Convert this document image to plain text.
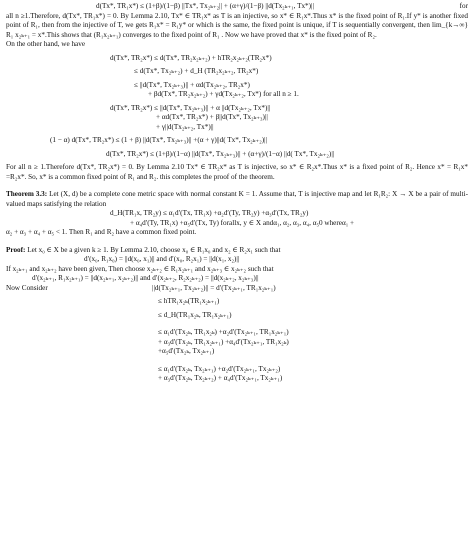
d(Tx*, TR₁x*) ≤ (1+β)/(1−β) ||Tx*, Tx₂ₖ₊₂|| + (α+γ)/(1−β) ||d(Tx₂ₖ₊₁, Tx*)||	for

all n ≥1.Therefore, d(Tx*, TR₁x*) = 0. By Lemma 2.10, Tx* ∈ TR₁x* as T is an injective, so x* ∈ R₁x*.Thus x* is the fixed point of R₁.If y* is another fixed point of R₁, then from the injective of T, we gets R₁x* = R₁y* or which is the same, the fixed point is unique, if T is sequentially convergent, then lim_{k→∞} R₁ x₂ₖ₊₁ = x*.This shows that (R₁x₂ₖ₊₁) converges to the fixed point of R₁ . Now we have proved that x* is the fixed point of R₂.

On the other hand, we have

d(Tx*, TR₂x*) ≤ d(Tx*, TR₂x₂ₖ₊₂) + hTR₂x₂ₖ₊₂(TR₂x*)
≤ d(Tx*, Tx₂ₖ₊₂) + d_H (TR₂x₂ₖ₊₂, TR₂x*)
≤ ||d(Tx*, Tx₂ₖ₊₃)|| + αd(Tx₂ₖ₊₂, TR₂x*)
+ βd(Tx*, TR₂x₂ₖ₊₂) + γd(Tx₂ₖ₊₂, Tx*) for all n ≥ 1.
d(Tx*, TR₂x*) ≤ ||d(Tx*, Tx₂ₖ₊₃)|| + α ||d(Tx₂ₖ₊₂, Tx*)||
+ αd(Tx*, TR₂x*) + β||d(Tx*, Tx₂ₖ₊₃)||
+ γ||d(Tx₂ₖ₊₂, Tx*)||
(1 − α) d(Tx*, TR₂x*) ≤ (1 + β) ||d(Tx*, Tx₂ₖ₊₃)|| +(α + γ)||d( Tx*, Tx₂ₖ₊₂)||
d(Tx*, TR₂x*) ≤ (1+β)/(1−α) ||d(Tx*, Tx₂ₖ₊₃)|| + (α+γ)/(1−α) ||d( Tx*, Tx₂ₖ₊₂)||

For all n ≥ 1.Therefore d(Tx*, TR₂x*) = 0. By Lemma 2.10 Tx* ∈ TR₂x* as T is injective, so x* ∈ R₂x*.Thus x* is a fixed point of R₂. Hence x* = R₁x* =R₂x*. So, x* is a common fixed point of R₁ and R₂. this completes the proof of the theorem.

Theorem 3.3: Let (X, d) be a complete cone metric space with normal constant K = 1. Assume that, T is injective map and let R₁R₂: X → X be a pair of multi-valued maps satisfying the relation

d_H(TR₁x, TR₂y) ≤ α₁d′(Tx, TR₁x) +α₂d′(Ty, TR₂y) +α₃d′(Tx, TR₂y)
+ α₄d′(Ty, TR₁x) +α₅d′(Tx, Ty) forallx, y ∈ X andα₁, α₂, α₃, α₄, α₅0 whereα₁ +
α₂ + α₃ + α₄ + α₅ < 1. Then R₁ and R₂ have a common fixed point.

Proof: Let x₀ ∈ X be a given k ≥ 1. By Lemma 2.10, choose x₀ ∈ R₁x₀ and x₂ ∈ R₂x₁ such that

d′(x₀, R₁x₀) = ||d(x₀, x₁)|| and d′(x₀, R₂x₁) = ||d(x₁, x₂)||

If x₂ₖ₊₁ and x₂ₖ₊₂ have been given, Then choose x₂ₖ₊₂ ∈ R₁x₂ₖ₊₁ and x₂ₖ₊₃ ∈ x₂ₖ₊₂ such that

d′(x₂ₖ₊₁, R₁x₂ₖ₊₁) = ||d(x₂ₖ₊₁, x₂ₖ₊₂)|| and d′(x₂ₖ₊₂, R₂x₂ₖ₊₂) = ||d(x₂ₖ₊₂, x₂ₖ₊₃)||
Now Consider	||d(Tx₂ₖ₊₁, Tx₂ₖ₊₂)|| = d′(Tx₂ₖ₊₁, TR₁x₂ₖ₊₁)
≤ hTR₁x₂ₖ(TR₁x₂ₖ₊₁)
≤ d_H(TR₁x₂ₖ, TR₁x₂ₖ₊₁)
≤ α₁d′(Tx₂ₖ, TR₁x₂ₖ) +α₂d′(Tx₂ₖ₊₁, TR₁x₂ₖ₊₁)
+ α₃d′(Tx₂ₖ, TR₁x₂ₖ₊₁) +α₄d′(Tx₂ₖ₊₁, TR₁x₂ₖ)
+α₅d′(Tx₂ₖ, Tx₂ₖ₊₁)
≤ α₁d′(Tx₂ₖ, Tx₂ₖ₊₁) +α₂d′(Tx₂ₖ₊₁, Tx₂ₖ₊₂)
+ α₃d′(Tx₂ₖ, Tx₂ₖ₊₂) + α₄d′(Tx₂ₖ₊₁, Tx₂ₖ₊₁)
